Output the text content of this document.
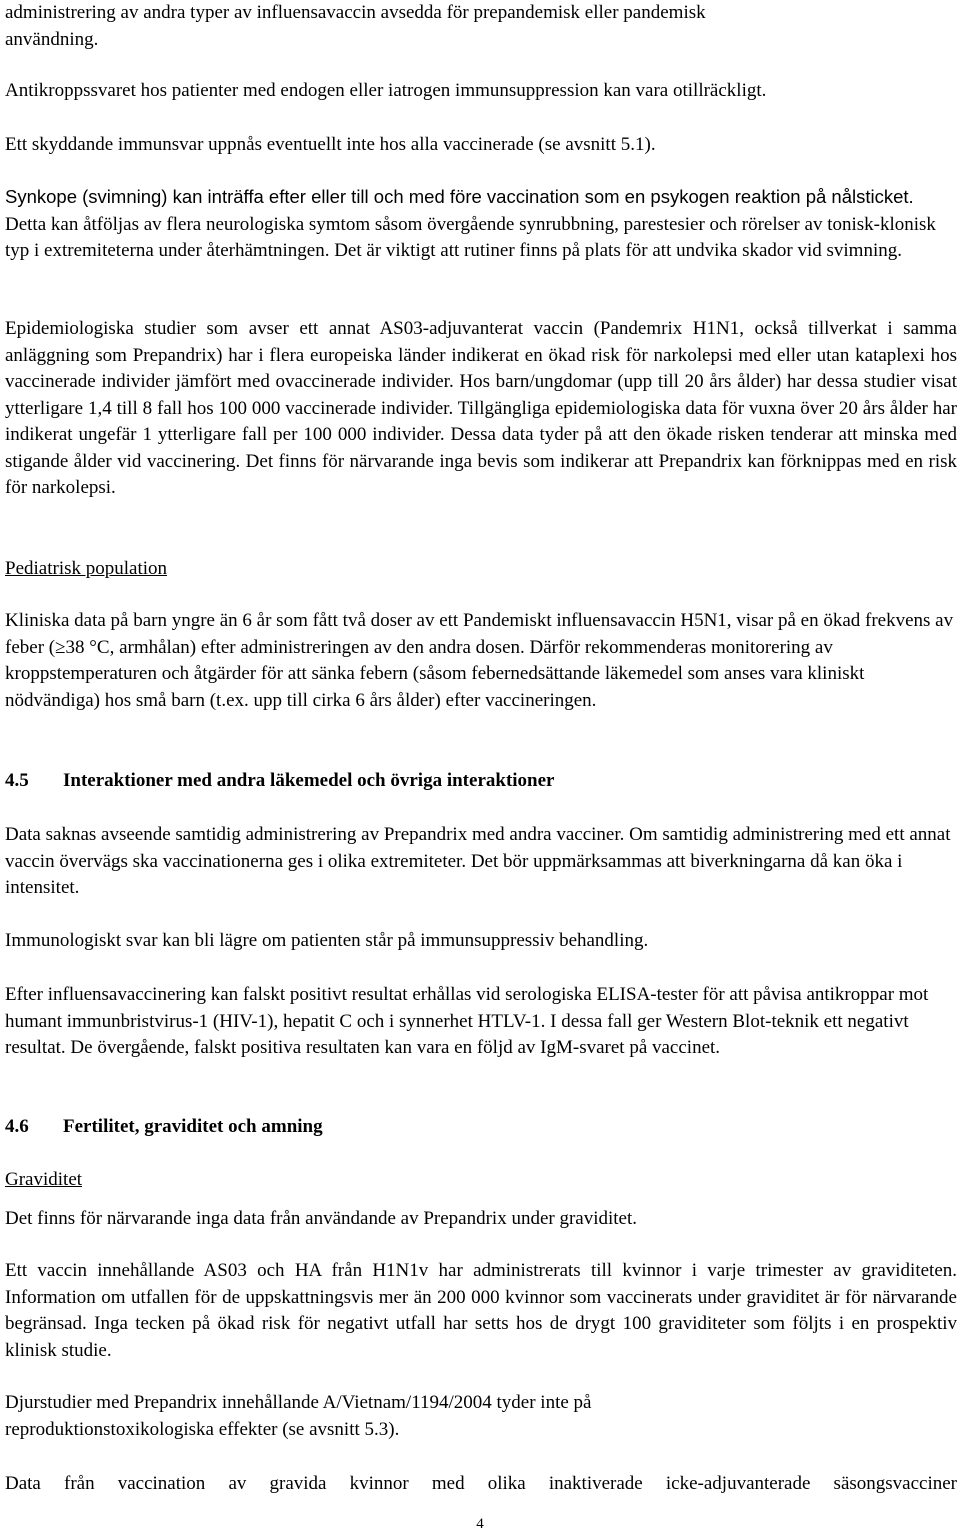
administrering av andra typer av influensavaccin avsedda för prepandemisk eller pandemisk

användning.

Antikroppssvaret hos patienter med endogen eller iatrogen immunsuppression kan vara otillräckligt.

Ett skyddande immunsvar uppnås eventuellt inte hos alla vaccinerade (se avsnitt 5.1).

Synkope (svimning) kan inträffa efter eller till och med före vaccination som en psykogen reaktion på nålsticket. Detta kan åtföljas av flera neurologiska symtom såsom övergående synrubbning, parestesier och rörelser av tonisk-klonisk typ i extremiteterna under återhämtningen. Det är viktigt att rutiner finns på plats för att undvika skador vid svimning.

Epidemiologiska studier som avser ett annat AS03-adjuvanterat vaccin (Pandemrix H1N1, också tillverkat i samma anläggning som Prepandrix) har i flera europeiska länder indikerat en ökad risk för narkolepsi med eller utan kataplexi hos vaccinerade individer jämfört med ovaccinerade individer. Hos barn/ungdomar (upp till 20 års ålder) har dessa studier visat ytterligare 1,4 till 8 fall hos 100 000 vaccinerade individer. Tillgängliga epidemiologiska data för vuxna över 20 års ålder har indikerat ungefär 1 ytterligare fall per 100 000 individer. Dessa data tyder på att den ökade risken tenderar att minska med stigande ålder vid vaccinering. Det finns för närvarande inga bevis som indikerar att Prepandrix kan förknippas med en risk för narkolepsi.

Pediatrisk population

Kliniska data på barn yngre än 6 år som fått två doser av ett Pandemiskt influensavaccin H5N1, visar på en ökad frekvens av feber (≥38 °C, armhålan) efter administreringen av den andra dosen. Därför rekommenderas monitorering av kroppstemperaturen och åtgärder för att sänka febern (såsom febernedsättande läkemedel som anses vara kliniskt nödvändiga) hos små barn (t.ex. upp till cirka 6 års ålder) efter vaccineringen.

4.5 Interaktioner med andra läkemedel och övriga interaktioner

Data saknas avseende samtidig administrering av Prepandrix med andra vacciner. Om samtidig administrering med ett annat vaccin övervägs ska vaccinationerna ges i olika extremiteter. Det bör uppmärksammas att biverkningarna då kan öka i intensitet.

Immunologiskt svar kan bli lägre om patienten står på immunsuppressiv behandling.

Efter influensavaccinering kan falskt positivt resultat erhållas vid serologiska ELISA-tester för att påvisa antikroppar mot humant immunbristvirus-1 (HIV-1), hepatit C och i synnerhet HTLV-1. I dessa fall ger Western Blot-teknik ett negativt resultat. De övergående, falskt positiva resultaten kan vara en följd av IgM-svaret på vaccinet.

4.6 Fertilitet, graviditet och amning

Graviditet

Det finns för närvarande inga data från användande av Prepandrix under graviditet.

Ett vaccin innehållande AS03 och HA från H1N1v har administrerats till kvinnor i varje trimester av graviditeten. Information om utfallen för de uppskattningsvis mer än 200 000 kvinnor som vaccinerats under graviditet är för närvarande begränsad. Inga tecken på ökad risk för negativt utfall har setts hos de drygt 100 graviditeter som följts i en prospektiv klinisk studie.

Djurstudier med Prepandrix innehållande A/Vietnam/1194/2004 tyder inte på

reproduktionstoxikologiska effekter (se avsnitt 5.3).

Data från vaccination av gravida kvinnor med olika inaktiverade icke-adjuvanterade säsongsvacciner

4
